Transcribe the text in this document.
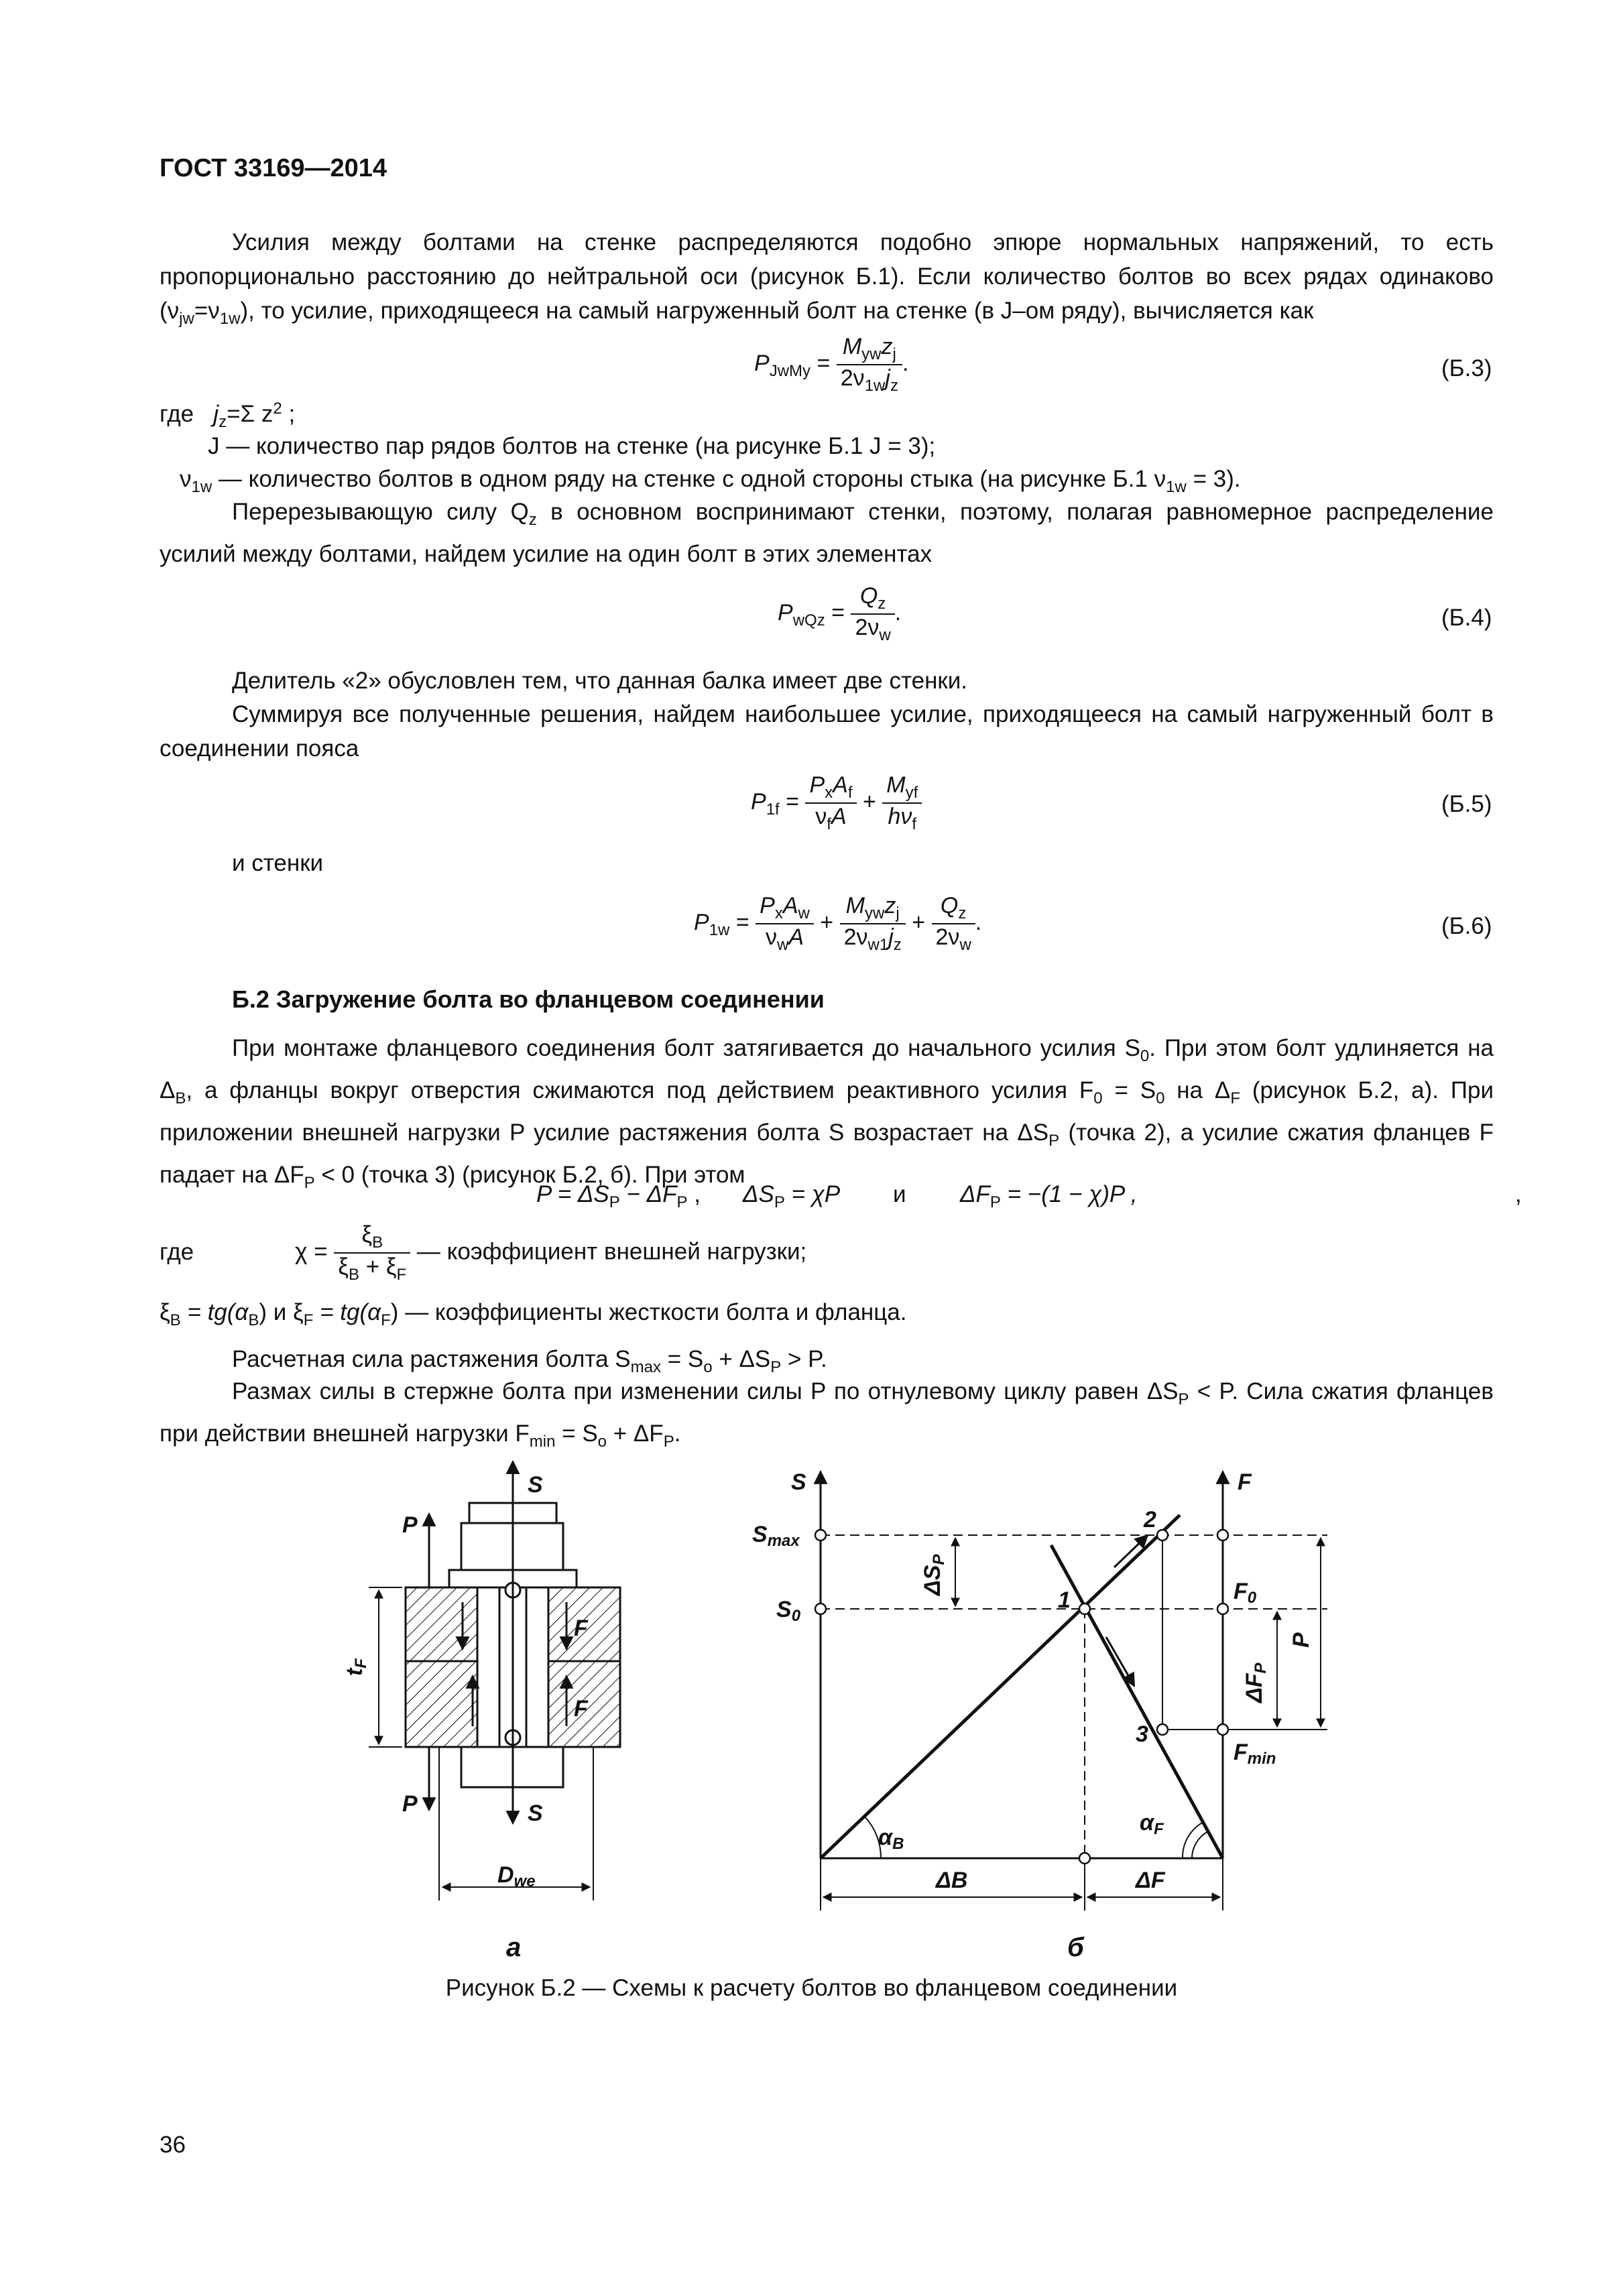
ГОСТ 33169—2014
Усилия между болтами на стенке распределяются подобно эпюре нормальных напряжений, то есть пропорционально расстоянию до нейтральной оси (рисунок Б.1). Если количество болтов во всех рядах одинаково $(\nu_{jw}=\nu_{1w})$, то усилие, приходящееся на самый нагруженный болт на стенке (в J–ом ряду), вычисляется как
$P_{JwMy} = \frac{M_{yw}z_j}{2\nu_{1w}j_z}$ .	(Б.3)
где $j_z=\Sigma$ $z^2$ ;
J — количество пар рядов болтов на стенке (на рисунке Б.1 J = 3);
$\nu_{1w}$ — количество болтов в одном ряду на стенке с одной стороны стыка (на рисунке Б.1 $\nu_{1w} = 3$).
Перерезывающую силу $Q_z$ в основном воспринимают стенки, поэтому, полагая равномерное распределение усилий между болтами, найдем усилие на один болт в этих элементах
$P_{wQz} = \frac{Q_z}{2\nu_w}$ .	(Б.4)
Делитель «2» обусловлен тем, что данная балка имеет две стенки.
Суммируя все полученные решения, найдем наибольшее усилие, приходящееся на самый нагруженный болт в соединении пояса
$P_{1f} = \frac{P_xA_f}{\nu_fA} + \frac{M_{yf}}{h\nu_f}$	(Б.5)
и стенки
$P_{1w} = \frac{P_xA_w}{\nu_wA} + \frac{M_{yw}z_j}{2\nu_{w1}j_z} + \frac{Q_z}{2\nu_w}$ .	(Б.6)
Б.2 Загружение болта во фланцевом соединении
При монтаже фланцевого соединения болт затягивается до начального усилия $S_0$. При этом болт удлиняется на $\Delta_B$, а фланцы вокруг отверстия сжимаются под действием реактивного усилия $F_0 = S_0$ на $\Delta_F$ (рисунок Б.2, а). При приложении внешней нагрузки P усилие растяжения болта S возрастает на $\Delta S_P$ (точка 2), а усилие сжатия фланцев F падает на $\Delta F_P < 0$ (точка 3) (рисунок Б.2, б). При этом
$P = \Delta S_P - \Delta F_P$ , $\Delta S_P = \chi P$ и $\Delta F_P = -(1 - \chi)P$ ,	,
где	$\chi = \frac{\xi_B}{\xi_B + \xi_F}$ — коэффициент внешней нагрузки;
$\xi_B = tg(\alpha_B)$ и $\xi_F = tg(\alpha_F)$ — коэффициенты жесткости болта и фланца.
Расчетная сила растяжения болта $S_{max} = S_o + \Delta S_P > P$.
Размах силы в стержне болта при изменении силы P по отнулевому циклу равен $\Delta S_P < P$. Сила сжатия фланцев при действии внешней нагрузки $F_{min} = S_o + \Delta F_P$.
S
S
P
P
tF
F
F
Dwe
а
S	F
Smax
S0
F0
Fmin
ΔSP
ΔFP
P
1
2
3
αB
αF
ΔB	ΔF
б
Рисунок Б.2 — Схемы к расчету болтов во фланцевом соединении
36
